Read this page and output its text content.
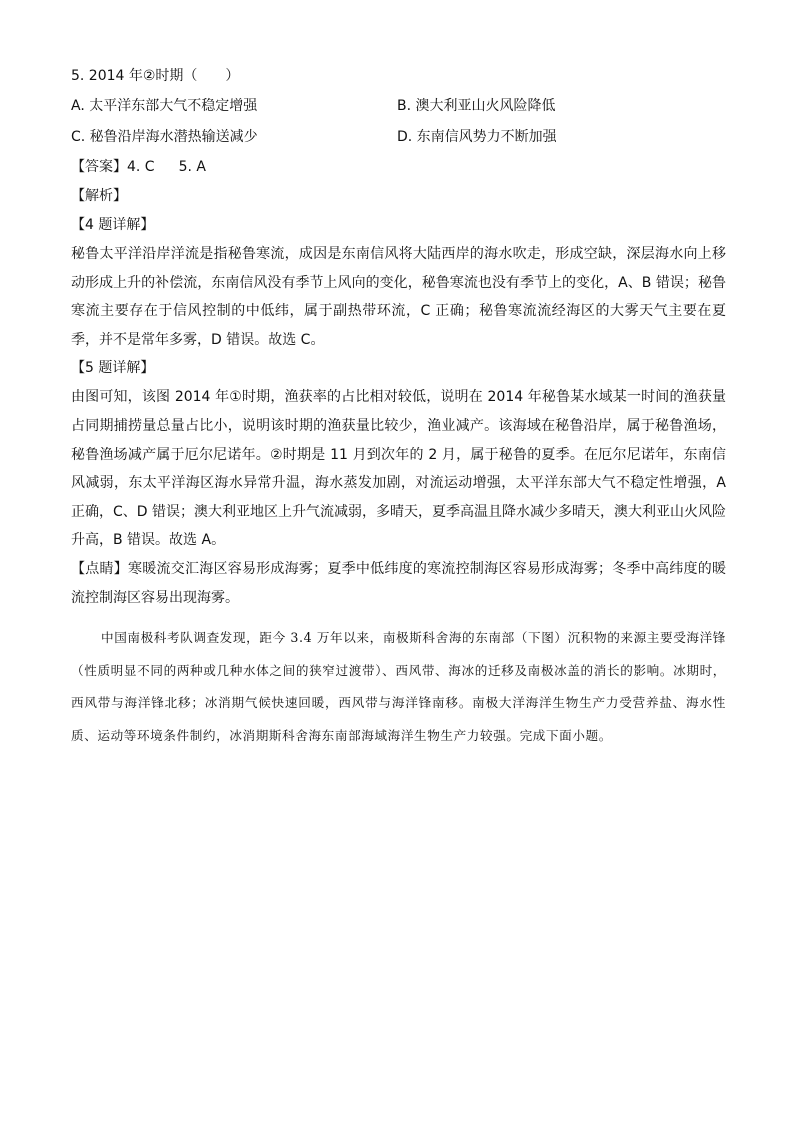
5. 2014 年②时期（　　）

A. 太平洋东部大气不稳定增强	B. 澳大利亚山火风险降低
C. 秘鲁沿岸海水潜热输送减少	D. 东南信风势力不断加强

【答案】4. C 5. A

【解析】

【4 题详解】

秘鲁太平洋沿岸洋流是指秘鲁寒流，成因是东南信风将大陆西岸的海水吹走，形成空缺，深层海水向上移动形成上升的补偿流，东南信风没有季节上风向的变化，秘鲁寒流也没有季节上的变化，A、B 错误；秘鲁寒流主要存在于信风控制的中低纬，属于副热带环流，C 正确；秘鲁寒流流经海区的大雾天气主要在夏季，并不是常年多雾，D 错误。故选 C。

【5 题详解】

由图可知，该图 2014 年①时期，渔获率的占比相对较低，说明在 2014 年秘鲁某水域某一时间的渔获量占同期捕捞量总量占比小，说明该时期的渔获量比较少，渔业减产。该海域在秘鲁沿岸，属于秘鲁渔场，秘鲁渔场减产属于厄尔尼诺年。②时期是 11 月到次年的 2 月，属于秘鲁的夏季。在厄尔尼诺年，东南信风减弱，东太平洋海区海水异常升温，海水蒸发加剧，对流运动增强，太平洋东部大气不稳定性增强，A 正确，C、D 错误；澳大利亚地区上升气流减弱，多晴天，夏季高温且降水减少多晴天，澳大利亚山火风险升高，B 错误。故选 A。

【点睛】寒暖流交汇海区容易形成海雾；夏季中低纬度的寒流控制海区容易形成海雾；冬季中高纬度的暖流控制海区容易出现海雾。

中国南极科考队调查发现，距今 3.4 万年以来，南极斯科舍海的东南部（下图）沉积物的来源主要受海洋锋（性质明显不同的两种或几种水体之间的狭窄过渡带）、西风带、海冰的迁移及南极冰盖的消长的影响。冰期时，西风带与海洋锋北移；冰消期气候快速回暖，西风带与海洋锋南移。南极大洋海洋生物生产力受营养盐、海水性质、运动等环境条件制约，冰消期斯科舍海东南部海域海洋生物生产力较强。完成下面小题。
